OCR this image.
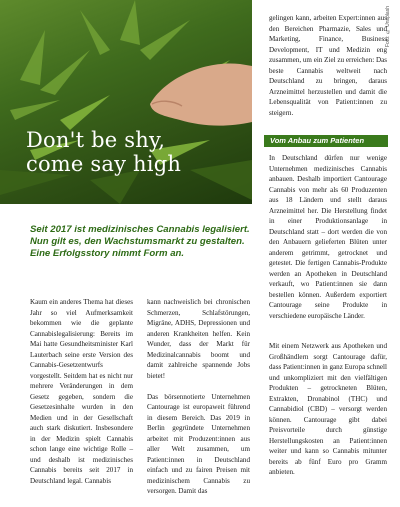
Don't be shy,
come say high
Foto: © Unsplash
Seit 2017 ist medizinisches Cannabis legalisiert. Nun gilt es, den Wachstumsmarkt zu gestalten. Eine Erfolgsstory nimmt Form an.

Kaum ein anderes Thema hat dieses Jahr so viel Aufmerksamkeit bekommen wie die geplante Cannabislegalisierung: Bereits im Mai hatte Gesundheitsminister Karl Lauterbach seine erste Version des Cannabis-Gesetzentwurfs vorgestellt. Seitdem hat es nicht nur mehrere Veränderungen in dem Gesetz gegeben, sondern die Gesetzesinhalte wurden in den Medien und in der Gesellschaft auch stark diskutiert. Insbesondere in der Medizin spielt Cannabis schon lange eine wichtige Rolle – und deshalb ist medizinisches Cannabis bereits seit 2017 in Deutschland legal. Cannabis

kann nachweislich bei chronischen Schmerzen, Schlafstörungen, Migräne, ADHS, Depressionen und anderen Krankheiten helfen. Kein Wunder, dass der Markt für Medizinalcannabis boomt und damit zahlreiche spannende Jobs bietet!

Das börsennotierte Unternehmen Cantourage ist europaweit führend in diesem Bereich. Das 2019 in Berlin gegründete Unternehmen arbeitet mit Produzent:innen aus aller Welt zusammen, um Patient:innen in Deutschland einfach und zu fairen Preisen mit medizinischem Cannabis zu versorgen. Damit das

gelingen kann, arbeiten Expert:innen aus den Bereichen Pharmazie, Sales und Marketing, Finance, Business Development, IT und Medizin eng zusammen, um ein Ziel zu erreichen: Das beste Cannabis weltweit nach Deutschland zu bringen, daraus Arzneimittel herzustellen und damit die Lebensqualität von Patient:innen zu steigern.

Vom Anbau zum Patienten

In Deutschland dürfen nur wenige Unternehmen medizinisches Cannabis anbauen. Deshalb importiert Cantourage Cannabis von mehr als 60 Produzenten aus 18 Ländern und stellt daraus Arzneimittel her. Die Herstellung findet in einer Produktionsanlage in Deutschland statt – dort werden die von den Anbauern gelieferten Blüten unter anderem getrimmt, getrocknet und getestet. Die fertigen Cannabis-Produkte werden an Apotheken in Deutschland verkauft, wo Patient:innen sie dann bestellen können. Außerdem exportiert Cantourage seine Produkte in verschiedene europäische Länder.

Mit einem Netzwerk aus Apotheken und Großhändlern sorgt Cantourage dafür, dass Patient:innen in ganz Europa schnell und unkompliziert mit den vielfältigen Produkten – getrockneten Blüten, Extrakten, Dronabinol (THC) und Cannabidiol (CBD) – versorgt werden können. Cantourage gibt dabei Preisvorteile durch günstige Herstellungskosten an Patient:innen weiter und kann so Cannabis mitunter bereits ab fünf Euro pro Gramm anbieten.
